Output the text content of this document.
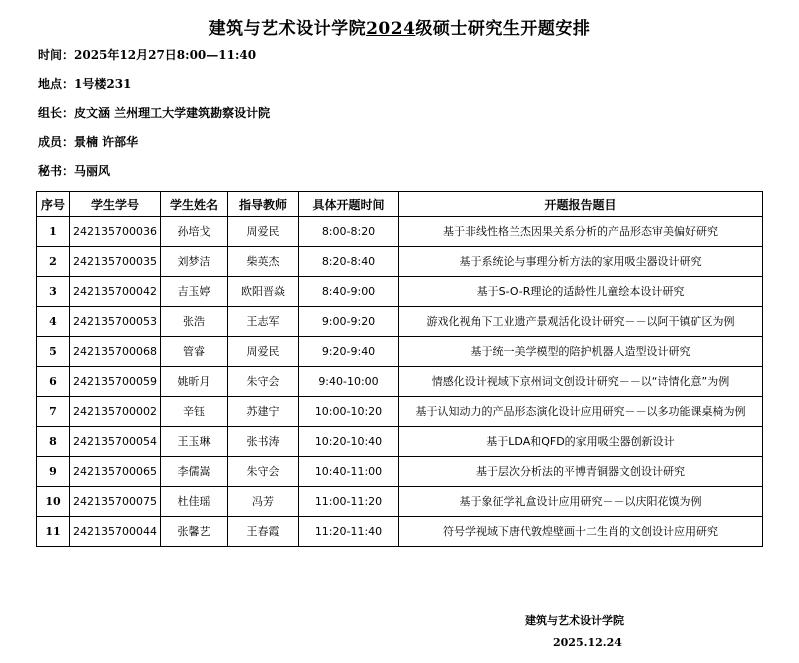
建筑与艺术设计学院2024级硕士研究生开题安排
时间：2025年12月27日8:00—11:40
地点：1号楼231
组长：皮文涵 兰州理工大学建筑勘察设计院
成员：景楠 许部华
秘书：马丽风
序号	学生学号	学生姓名	指导教师	具体开题时间	开题报告题目
1	242135700036	孙培戈	周爱民	8:00-8:20	基于非线性格兰杰因果关系分析的产品形态审美偏好研究
2	242135700035	刘梦洁	柴英杰	8:20-8:40	基于系统论与事理分析方法的家用吸尘器设计研究
3	242135700042	吉玉婷	欧阳晋焱	8:40-9:00	基于S-O-R理论的适龄性儿童绘本设计研究
4	242135700053	张浩	王志军	9:00-9:20	游戏化视角下工业遗产景观活化设计研究－－以阿干镇矿区为例
5	242135700068	管睿	周爱民	9:20-9:40	基于统一美学模型的陪护机器人造型设计研究
6	242135700059	姚昕月	朱守会	9:40-10:00	情感化设计视域下京州词文创设计研究－－以“诗情化意”为例
7	242135700002	辛钰	苏建宁	10:00-10:20	基于认知动力的产品形态演化设计应用研究－－以多功能课桌椅为例
8	242135700054	王玉琳	张书涛	10:20-10:40	基于LDA和QFD的家用吸尘器创新设计
9	242135700065	李儒嵩	朱守会	10:40-11:00	基于层次分析法的平博青铜器文创设计研究
10	242135700075	杜佳瑶	冯芳	11:00-11:20	基于象征学礼盒设计应用研究－－以庆阳花馍为例
11	242135700044	张馨艺	王春霞	11:20-11:40	符号学视域下唐代敦煌壁画十二生肖的文创设计应用研究
建筑与艺术设计学院
2025.12.24
